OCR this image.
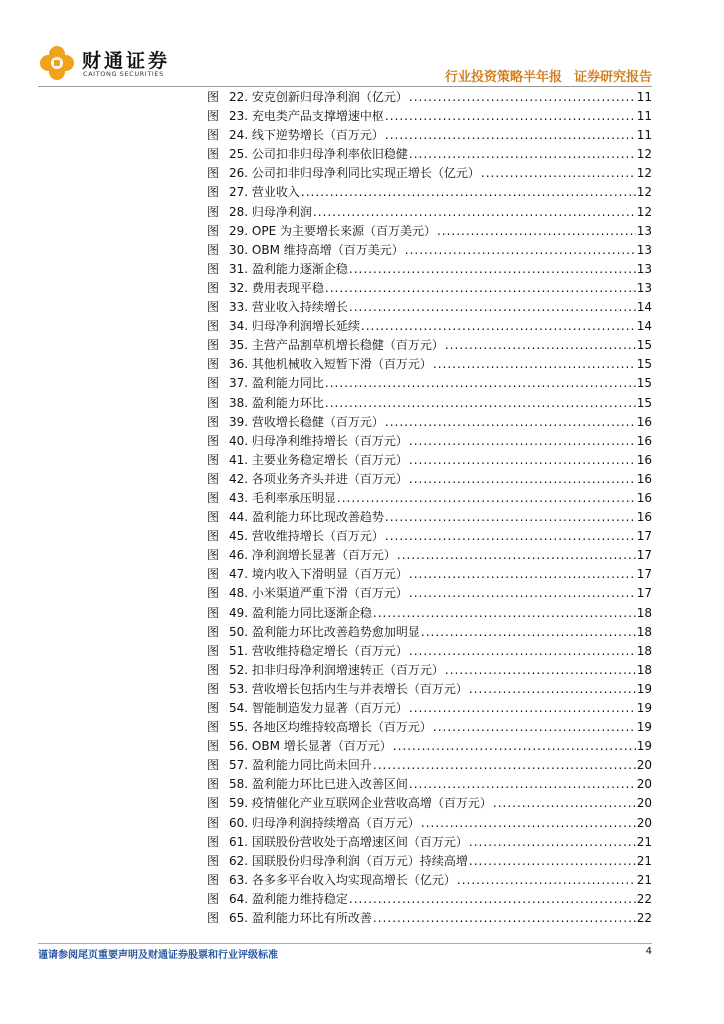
财通证券
CAITONG SECURITIES	行业投资策略半年报 证券研究报告
图 22. 安克创新归母净利润（亿元） .....	11
图 23. 充电类产品支撑增速中枢 .....	11
图 24. 线下逆势增长（百万元） .....	11
图 25. 公司扣非归母净利率依旧稳健 .....	12
图 26. 公司扣非归母净利同比实现正增长（亿元） .....	12
图 27. 营业收入 .....	12
图 28. 归母净利润 .....	12
图 29. OPE 为主要增长来源（百万美元） .....	13
图 30. OBM 维持高增（百万美元） .....	13
图 31. 盈利能力逐渐企稳 .....	13
图 32. 费用表现平稳 .....	13
图 33. 营业收入持续增长 .....	14
图 34. 归母净利润增长延续 .....	14
图 35. 主营产品割草机增长稳健（百万元） .....	15
图 36. 其他机械收入短暂下滑（百万元） .....	15
图 37. 盈利能力同比 .....	15
图 38. 盈利能力环比 .....	15
图 39. 营收增长稳健（百万元） .....	16
图 40. 归母净利维持增长（百万元） .....	16
图 41. 主要业务稳定增长（百万元） .....	16
图 42. 各项业务齐头并进（百万元） .....	16
图 43. 毛利率承压明显 .....	16
图 44. 盈利能力环比现改善趋势 .....	16
图 45. 营收维持增长（百万元） .....	17
图 46. 净利润增长显著（百万元） .....	17
图 47. 境内收入下滑明显（百万元） .....	17
图 48. 小米渠道严重下滑（百万元） .....	17
图 49. 盈利能力同比逐渐企稳 .....	18
图 50. 盈利能力环比改善趋势愈加明显 .....	18
图 51. 营收维持稳定增长（百万元） .....	18
图 52. 扣非归母净利润增速转正（百万元） .....	18
图 53. 营收增长包括内生与并表增长（百万元） .....	19
图 54. 智能制造发力显著（百万元） .....	19
图 55. 各地区均维持较高增长（百万元） .....	19
图 56. OBM 增长显著（百万元） .....	19
图 57. 盈利能力同比尚未回升 .....	20
图 58. 盈利能力环比已进入改善区间 .....	20
图 59. 疫情催化产业互联网企业营收高增（百万元） .....	20
图 60. 归母净利润持续增高（百万元） .....	20
图 61. 国联股份营收处于高增速区间（百万元） .....	21
图 62. 国联股份归母净利润（百万元）持续高增 .....	21
图 63. 各多多平台收入均实现高增长（亿元） .....	21
图 64. 盈利能力维持稳定 .....	22
图 65. 盈利能力环比有所改善 .....	22
谨请参阅尾页重要声明及财通证券股票和行业评级标准	4
